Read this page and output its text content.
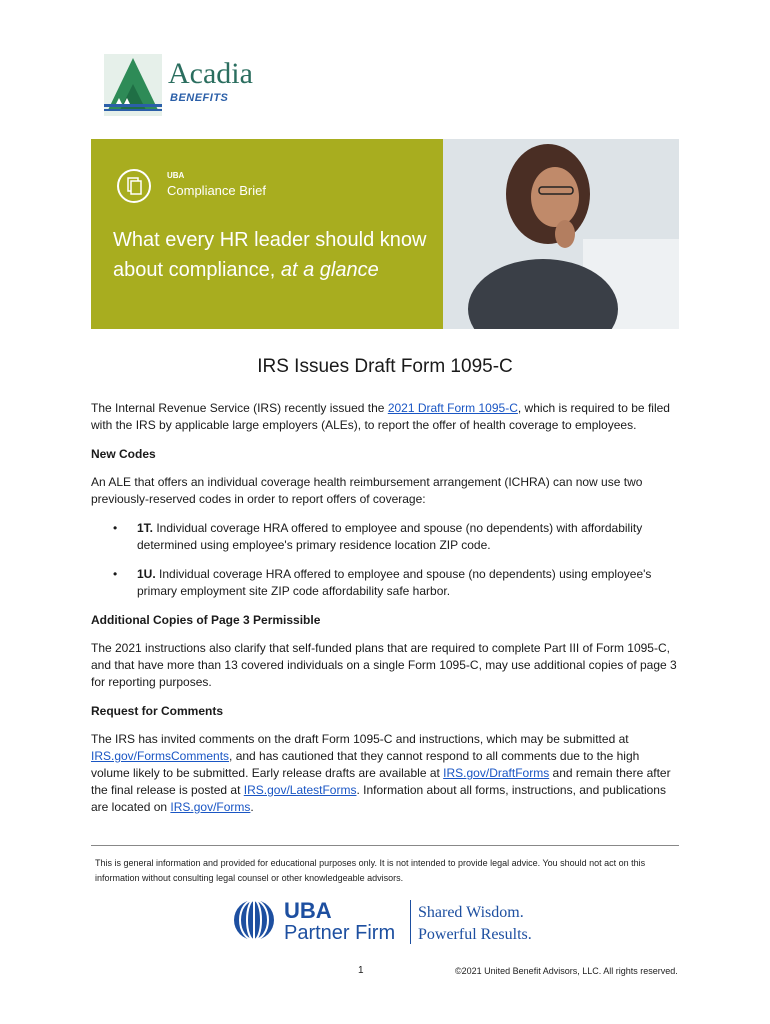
Acadia
BENEFITS
UBA
Compliance Brief
What every HR leader should know
about compliance, at a glance
IRS Issues Draft Form 1095-C

The Internal Revenue Service (IRS) recently issued the 2021 Draft Form 1095-C, which is required to be filed with the IRS by applicable large employers (ALEs), to report the offer of health coverage to employees.

New Codes

An ALE that offers an individual coverage health reimbursement arrangement (ICHRA) can now use two previously-reserved codes in order to report offers of coverage:

• 1T. Individual coverage HRA offered to employee and spouse (no dependents) with affordability determined using employee's primary residence location ZIP code.
• 1U. Individual coverage HRA offered to employee and spouse (no dependents) using employee's primary employment site ZIP code affordability safe harbor.
Additional Copies of Page 3 Permissible

The 2021 instructions also clarify that self-funded plans that are required to complete Part III of Form 1095-C, and that have more than 13 covered individuals on a single Form 1095-C, may use additional copies of page 3 for reporting purposes.

Request for Comments

The IRS has invited comments on the draft Form 1095-C and instructions, which may be submitted at IRS.gov/FormsComments, and has cautioned that they cannot respond to all comments due to the high volume likely to be submitted. Early release drafts are available at IRS.gov/DraftForms and remain there after the final release is posted at IRS.gov/LatestForms. Information about all forms, instructions, and publications are located on IRS.gov/Forms.

This is general information and provided for educational purposes only. It is not intended to provide legal advice. You should not act on this information without consulting legal counsel or other knowledgeable advisors.
UBA
Partner Firm
Shared Wisdom.
Powerful Results.
1	©2021 United Benefit Advisors, LLC. All rights reserved.
